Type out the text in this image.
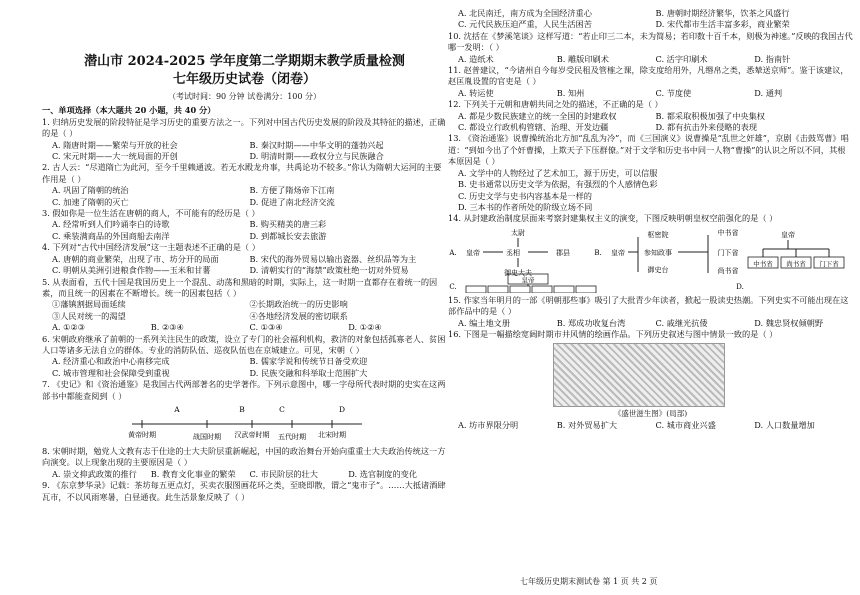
潜山市 2024-2025 学年度第二学期期末教学质量检测
七年级历史试卷（闭卷）
（考试时间：90 分钟 试卷满分：100 分）
一、单项选择（本大题共 20 小题，共 40 分）
1. 归纳历史发展的阶段特征是学习历史的重要方法之一。下列对中国古代历史发展的阶段及其特征的描述，正确的是（ ）
A. 隋唐时期——繁荣与开放的社会	B. 秦汉时期——中华文明的蓬勃兴起
C. 宋元时期——大一统局面的开创	D. 明清时期——政权分立与民族融合
2. 古人云：“尽道隋亡为此河，至今千里赖通波。若无水殿龙舟事，共禹论功不较多。”你认为隋朝大运河的主要作用是（ ）
A. 巩固了隋朝的统治	B. 方便了隋炀帝下江南
C. 加速了隋朝的灭亡	D. 促进了南北经济交流
3. 假如你是一位生活在唐朝的商人，不可能有的经历是（ ）
A. 经常听到人们吟诵李白的诗歌	B. 购买精美的唐三彩
C. 乘装满商品的外国商船去南洋	D. 到都城长安去旅游
4. 下列对“古代中国经济发展”这一主题表述不正确的是（ ）
A. 唐朝的商业繁荣，出现了市、坊分开的局面	B. 宋代的海外贸易以输出瓷器、丝织品等为主
C. 明朝从美洲引进粮食作物——玉米和甘薯	D. 清朝实行的“海禁”政策杜绝一切对外贸易
5. 从表面看，五代十国是我国历史上一个混乱、动荡和黑暗的时期，实际上，这一时期一直都存在着统一的因素，而且统一的因素在不断增长。统一的因素包括（ ）
①藩镇割据局面延续	②长期政治统一的历史影响
③人民对统一的渴望	④各地经济发展的密切联系
A. ①②③	B. ②③④	C. ①③④	D. ①②④
6. 宋朝政府继承了前朝的一系列关注民生的政策，设立了专门的社会福利机构，救济的对象包括孤寡老人、贫困人口等诸多无法自立的群体。专业的消防队伍、巡夜队伍也在京城建立。可见，宋朝（ ）
A. 经济重心和政治中心南移完成	B. 儒家学说和传统节日备受欢迎
C. 城市管理和社会保障受到重视	D. 民族交融和科举取士范围扩大
7. 《史记》和《资治通鉴》是我国古代两部著名的史学著作。下列示意图中，哪一字母所代表时期的史实在这两部书中都能查阅到（ ）
黄帝时期	战国时期 汉武帝时期 五代时期 北宋时期
A	B	C	D
8. 宋朝时期，勉党人文教有志于仕途的士大夫阶层重新崛起，中国的政治舞台开始向重重士大夫政治传统这一方向演变。以上现象出现的主要原因是（ ）
A. 崇文抑武政策的推行	B. 教育文化事业的繁荣	C. 市民阶层的壮大	D. 选官制度的变化
9. 《东京梦华录》记载：茶坊每五更点灯，买卖衣服图画花环之类，至晓即散，谓之“鬼市子”。……大抵诸酒肆瓦市，不以风雨寒暑，白昼通夜。此生活景象反映了（ ）
A. 北民南迁，南方成为全国经济重心	B. 唐朝时期经济繁华，饮茶之风盛行
C. 元代民族压迫严重，人民生活困苦	D. 宋代都市生活丰富多彩，商业繁荣
10. 沈括在《梦溪笔谈》这样写道：“若止印三二本，未为简易；若印数十百千本，则极为神速。”反映的我国古代哪一发明：（ ）
A. 造纸术	B. 雕版印刷术	C. 活字印刷术	D. 指南针
11. 赵普建议，“今诸州自今每岁受民租及管榷之课，除支度给用外，凡缗帛之类，悉辇送京师”。鉴于该建议，赵匡胤设置的官吏是（ ）
A. 转运使	B. 知州	C. 节度使	D. 通判
12. 下列关于元朝和唐朝共同之处的描述，不正确的是（ ）
A. 都是少数民族建立的统一全国的封建政权	B. 都采取积极加强了中央集权
C. 都设立行政机构管辖、治理、开发边疆	D. 都有抗击外来侵略的表现
13. 《资治通鉴》说曹操统治北方加“乱乱为冷”，而《三国演义》说曹操是“乱世之奸雄”，京剧《击鼓骂曹》唱道：“到如今出了个奸曹操，上欺天子下压群僚。”对于文学和历史书中同一人物“曹操”的认识之所以不同，其根本原因是（ ）
A. 文学中的人物经过了艺术加工，源于历史，可以信服
B. 史书通常以历史文学为依据，有强烈的个人感情色彩
C. 历史文学与史书内容基本是一样的
D. 三本书的作者所处的阶级立场不同
14. 从封建政治制度层面来考察封建集权主义的演变，下图反映明朝皇权空前强化的是（ ）
A. 皇帝
太尉
丞相	郡县
御史大夫
B. 皇帝
枢密院
参知政事
御史台
中书省
门下省
尚书省
C.
皇帝
中书省 尚书省 门下省
D.
皇帝
15. 作家当年明月的一部《明朝那些事》吸引了大批青少年读者，掀起一股读史热潮。下列史实不可能出现在这部作品中的是（ ）
A. 编土地文册	B. 郑成功收复台湾	C. 戚继光抗倭	D. 魏忠贤权倾朝野
16. 下图是一幅描绘宽阔时期市井风情的绘画作品。下列历史叙述与图中情景一致的是（ ）
《盛世滋生图》(局部)
A. 坊市界限分明	B. 对外贸易扩大	C. 城市商业兴盛	D. 人口数量增加
七年级历史期末测试卷 第 1 页 共 2 页
